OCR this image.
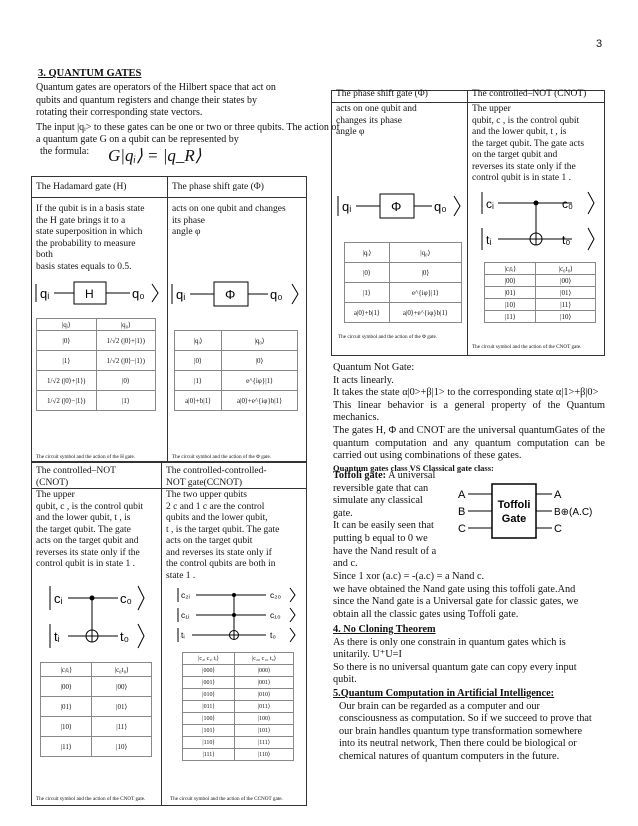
3
3. QUANTUM GATES
Quantum gates are operators of the Hilbert space that act on
qubits and quantum registers and change their states by
rotating their corresponding state vectors.
The input |qᵢ> to these gates can be one or two or three qubits. The action of
a quantum gate G on a qubit can be represented by
the formula: G|qᵢ⟩ = |q_R⟩
The Hadamard gate (H)	The phase shift gate (Φ)
If the qubit is in a basis state
the H gate brings it to a
state superposition in which
the probability to measure
both
basis states equals to 0.5.
acts on one qubit and changes
its phase
angle φ
qᵢ	H	q₀ qᵢ	Φ	q₀
|qᵢ⟩	|q₀⟩
|0⟩	1/√2 (|0⟩+|1⟩)
|1⟩	1/√2 (|0⟩−|1⟩)
1/√2 (|0⟩+|1⟩)	|0⟩
1/√2 (|0⟩−|1⟩)	|1⟩
The circuit symbol and the action of the H gate.
|qᵢ⟩	|q₀⟩
|0⟩	|0⟩
|1⟩	e^{iφ}|1⟩
a|0⟩+b|1⟩	a|0⟩+e^{iφ}b|1⟩
The circuit symbol and the action of the Φ gate.
The phase shift gate (Φ)	The controlled–NOT (CNOT)
acts on one qubit and
changes its phase
angle φ
The upper
qubit, c , is the control qubit
and the lower qubit, t , is
the target qubit. The gate acts
on the target qubit and
reverses its state only if the
control qubit is in state 1 .
qᵢ	Φ	q₀
|qᵢ⟩	|q₀⟩
|0⟩	|0⟩
|1⟩	e^{iφ}|1⟩
a|0⟩+b|1⟩	a|0⟩+e^{iφ}b|1⟩
The circuit symbol and the action of the Φ gate.
cᵢ	c₀
tᵢ	t₀
|cᵢtᵢ⟩	|c₀t₀⟩
|00⟩	|00⟩
|01⟩	|01⟩
|10⟩	|11⟩
|11⟩	|10⟩
The circuit symbol and the action of the CNOT gate.
The controlled–NOT
(CNOT)
The controlled-controlled-
NOT gate(CCNOT)
The upper
qubit, c , is the control qubit
and the lower qubit, t , is
the target qubit. The gate
acts on the target qubit and
reverses its state only if the
control qubit is in state 1 .
The two upper qubits
2 c and 1 c are the control
qubits and the lower qubit,
t , is the target qubit. The gate
acts on the target qubit
and reverses its state only if
the control qubits are both in
state 1 .
cᵢ	c₀
tᵢ	t₀
|cᵢtᵢ⟩	|c₀t₀⟩
|00⟩	|00⟩
|01⟩	|01⟩
|10⟩	|11⟩
|11⟩	|10⟩
The circuit symbol and the action of the CNOT gate.
c₂ᵢ	c₂₀
c₁ᵢ	c₁₀
tᵢ	t₀
|c₂ᵢ c₁ᵢ tᵢ⟩	|c₂₀ c₁₀ t₀⟩
|000⟩	|000⟩
|001⟩	|001⟩
|010⟩	|010⟩
|011⟩	|011⟩
|100⟩	|100⟩
|101⟩	|101⟩
|110⟩	|111⟩
|111⟩	|110⟩
The circuit symbol and the action of the CCNOT gate.
Quantum Not Gate:
It acts linearly.
It takes the state α|0>+β|1> to the corresponding state α|1>+β|0>
This linear behavior is a general property of the Quantum mechanics.
The gates H, Φ and CNOT are the universal quantumGates of the quantum computation and any quantum computation can be carried out using combinations of these gates.
Quantum gates class VS Classical gate class:
Toffoli gate: A universal
reversible gate that can
simulate any classical
gate.
It can be easily seen that
putting b equal to 0 we
have the Nand result of a
and c.
A
B
C
Toffoli
Gate
A
B⊕(A.C)
C
Since 1 xor (a.c) = -(a.c) = a Nand c.
we have obtained the Nand gate using this toffoli gate.And
since the Nand gate is a Universal gate for classic gates, we
obtain all the classic gates using Toffoli gate.
4. No Cloning Theorem
As there is only one constrain in quantum gates which is
unitarily. U⁺U=I
So there is no universal quantum gate can copy every input
qubit.
5.Quantum Computation in Artificial Intelligence:
Our brain can be regarded as a computer and our
consciousness as computation. So if we succeed to prove that
our brain handles quantum type transformation somewhere
into its neutral network, Then there could be biological or
chemical natures of quantum computers in the future.
